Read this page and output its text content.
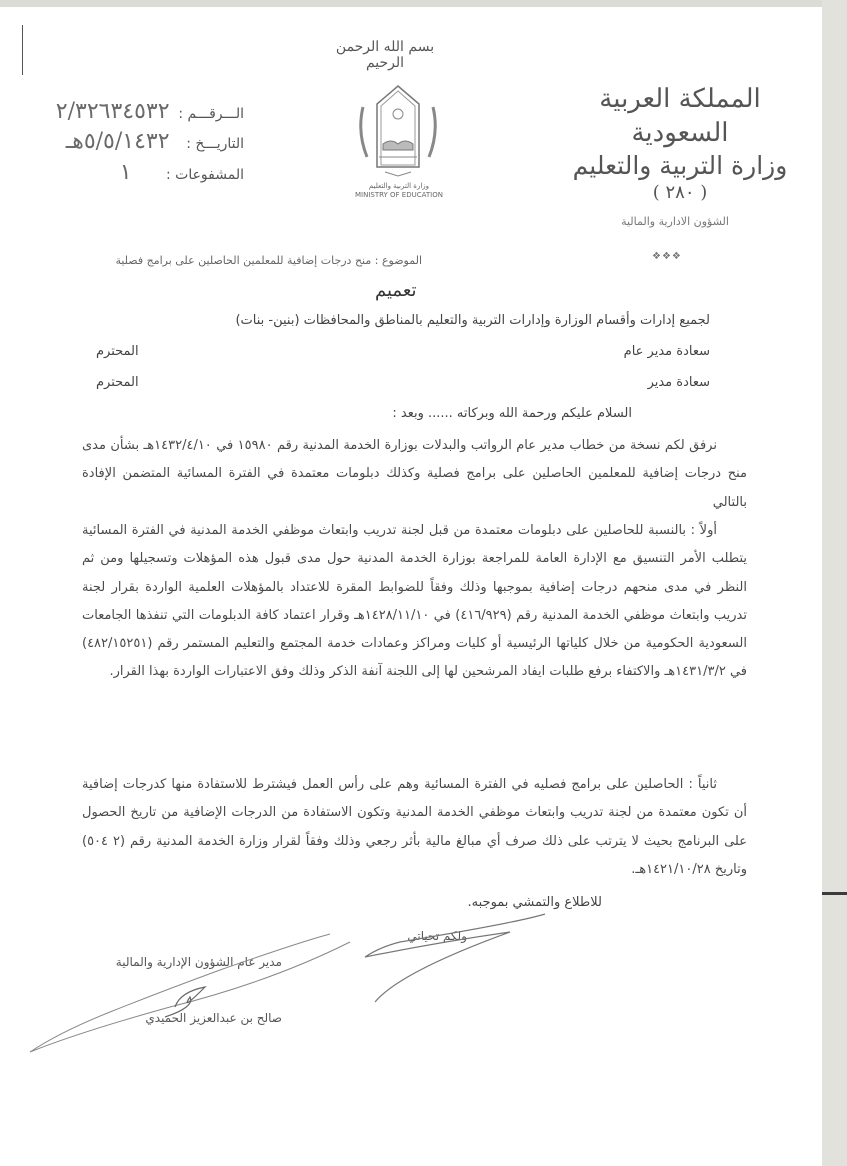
الـــرقـــم : ٢/٣٢٦٣٤٥٣٢
التاريـــخ : ٥/٥/١٤٣٢هـ
المشفوعات : ١
بسم الله الرحمن الرحيم
وزارة التربية والتعليم
MINISTRY OF EDUCATION
المملكة العربية السعودية
وزارة التربية والتعليم
( ٢٨٠ )
الشؤون الادارية والمالية
❖❖❖
الموضوع : منح درجات إضافية للمعلمين الحاصلين على برامج فصلية
تعميم
لجميع إدارات وأقسام الوزارة وإدارات التربية والتعليم بالمناطق والمحافظات (بنين- بنات)
سعادة مدير عام
المحترم
سعادة مدير
المحترم
السلام عليكم ورحمة الله وبركاته ...... وبعد :
نرفق لكم نسخة من خطاب مدير عام الرواتب والبدلات بوزارة الخدمة المدنية رقم ١٥٩٨٠ في ١٤٣٢/٤/١٠هـ بشأن مدى منح درجات إضافية للمعلمين الحاصلين على برامج فصلية وكذلك دبلومات معتمدة في الفترة المسائية المتضمن الإفادة بالتالي
أولاً : بالنسبة للحاصلين على دبلومات معتمدة من قبل لجنة تدريب وابتعاث موظفي الخدمة المدنية في الفترة المسائية يتطلب الأمر التنسيق مع الإدارة العامة للمراجعة بوزارة الخدمة المدنية حول مدى قبول هذه المؤهلات وتسجيلها ومن ثم النظر في مدى منحهم درجات إضافية بموجبها وذلك وفقاً للضوابط المقرة للاعتداد بالمؤهلات العلمية الواردة بقرار لجنة تدريب وابتعاث موظفي الخدمة المدنية رقم (٤١٦/٩٢٩) في ١٤٢٨/١١/١٠هـ وقرار اعتماد كافة الدبلومات التي تنفذها الجامعات السعودية الحكومية من خلال كلياتها الرئيسية أو كليات ومراكز وعمادات خدمة المجتمع والتعليم المستمر رقم (٤٨٢/١٥٢٥١) في ١٤٣١/٣/٢هـ والاكتفاء برفع طلبات ايفاد المرشحين لها إلى اللجنة آنفة الذكر وذلك وفق الاعتبارات الواردة بهذا القرار.
ثانياً : الحاصلين على برامج فصليه في الفترة المسائية وهم على رأس العمل فيشترط للاستفادة منها كدرجات إضافية أن تكون معتمدة من لجنة تدريب وابتعاث موظفي الخدمة المدنية وتكون الاستفادة من الدرجات الإضافية من تاريخ الحصول على البرنامج بحيث لا يترتب على ذلك صرف أي مبالغ مالية بأثر رجعي وذلك وفقاً لقرار وزارة الخدمة المدنية رقم (٢ ٥٠٤) وتاريخ ١٤٢١/١٠/٢٨هـ.
للاطلاع والتمشي بموجبه.
ولكم تحياتي
مدير عام الشؤون الإدارية والمالية
صالح بن عبدالعزيز الحميدي
